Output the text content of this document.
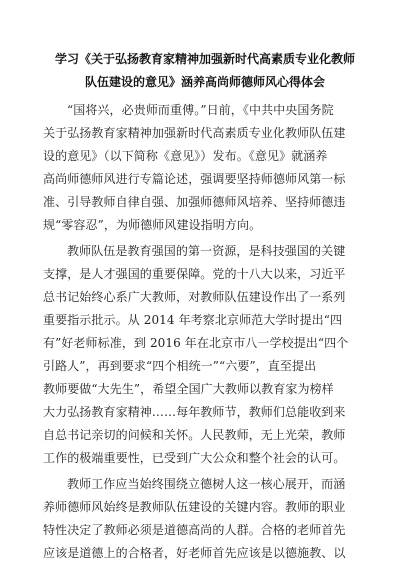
学习《关于弘扬教育家精神加强新时代高素质专业化教师
队伍建设的意见》涵养高尚师德师风心得体会
“国将兴，必贵师而重傅。”日前，《中共中央国务院
关于弘扬教育家精神加强新时代高素质专业化教师队伍建
设的意见》（以下简称《意见》）发布。《意见》就涵养
高尚师德师风进行专篇论述，强调要坚持师德师风第一标
准、引导教师自律自强、加强师德师风培养、坚持师德违
规“零容忍”，为师德师风建设指明方向。
教师队伍是教育强国的第一资源，是科技强国的关键
支撑，是人才强国的重要保障。党的十八大以来，习近平
总书记始终心系广大教师，对教师队伍建设作出了一系列
重要指示批示。从 2014 年考察北京师范大学时提出“四
有”好老师标准，到 2016 年在北京市八一学校提出“四个
引路人”，再到要求“四个相统一”“六要”，直至提出
教师要做“大先生”，希望全国广大教师以教育家为榜样
大力弘扬教育家精神……每年教师节，教师们总能收到来
自总书记亲切的问候和关怀。人民教师，无上光荣，教师
工作的极端重要性，已受到广大公众和整个社会的认可。
教师工作应当始终围绕立德树人这一核心展开，而涵
养师德师风始终是教师队伍建设的关键内容。教师的职业
特性决定了教师必须是道德高尚的人群。合格的老师首先
应该是道德上的合格者，好老师首先应该是以德施教、以
